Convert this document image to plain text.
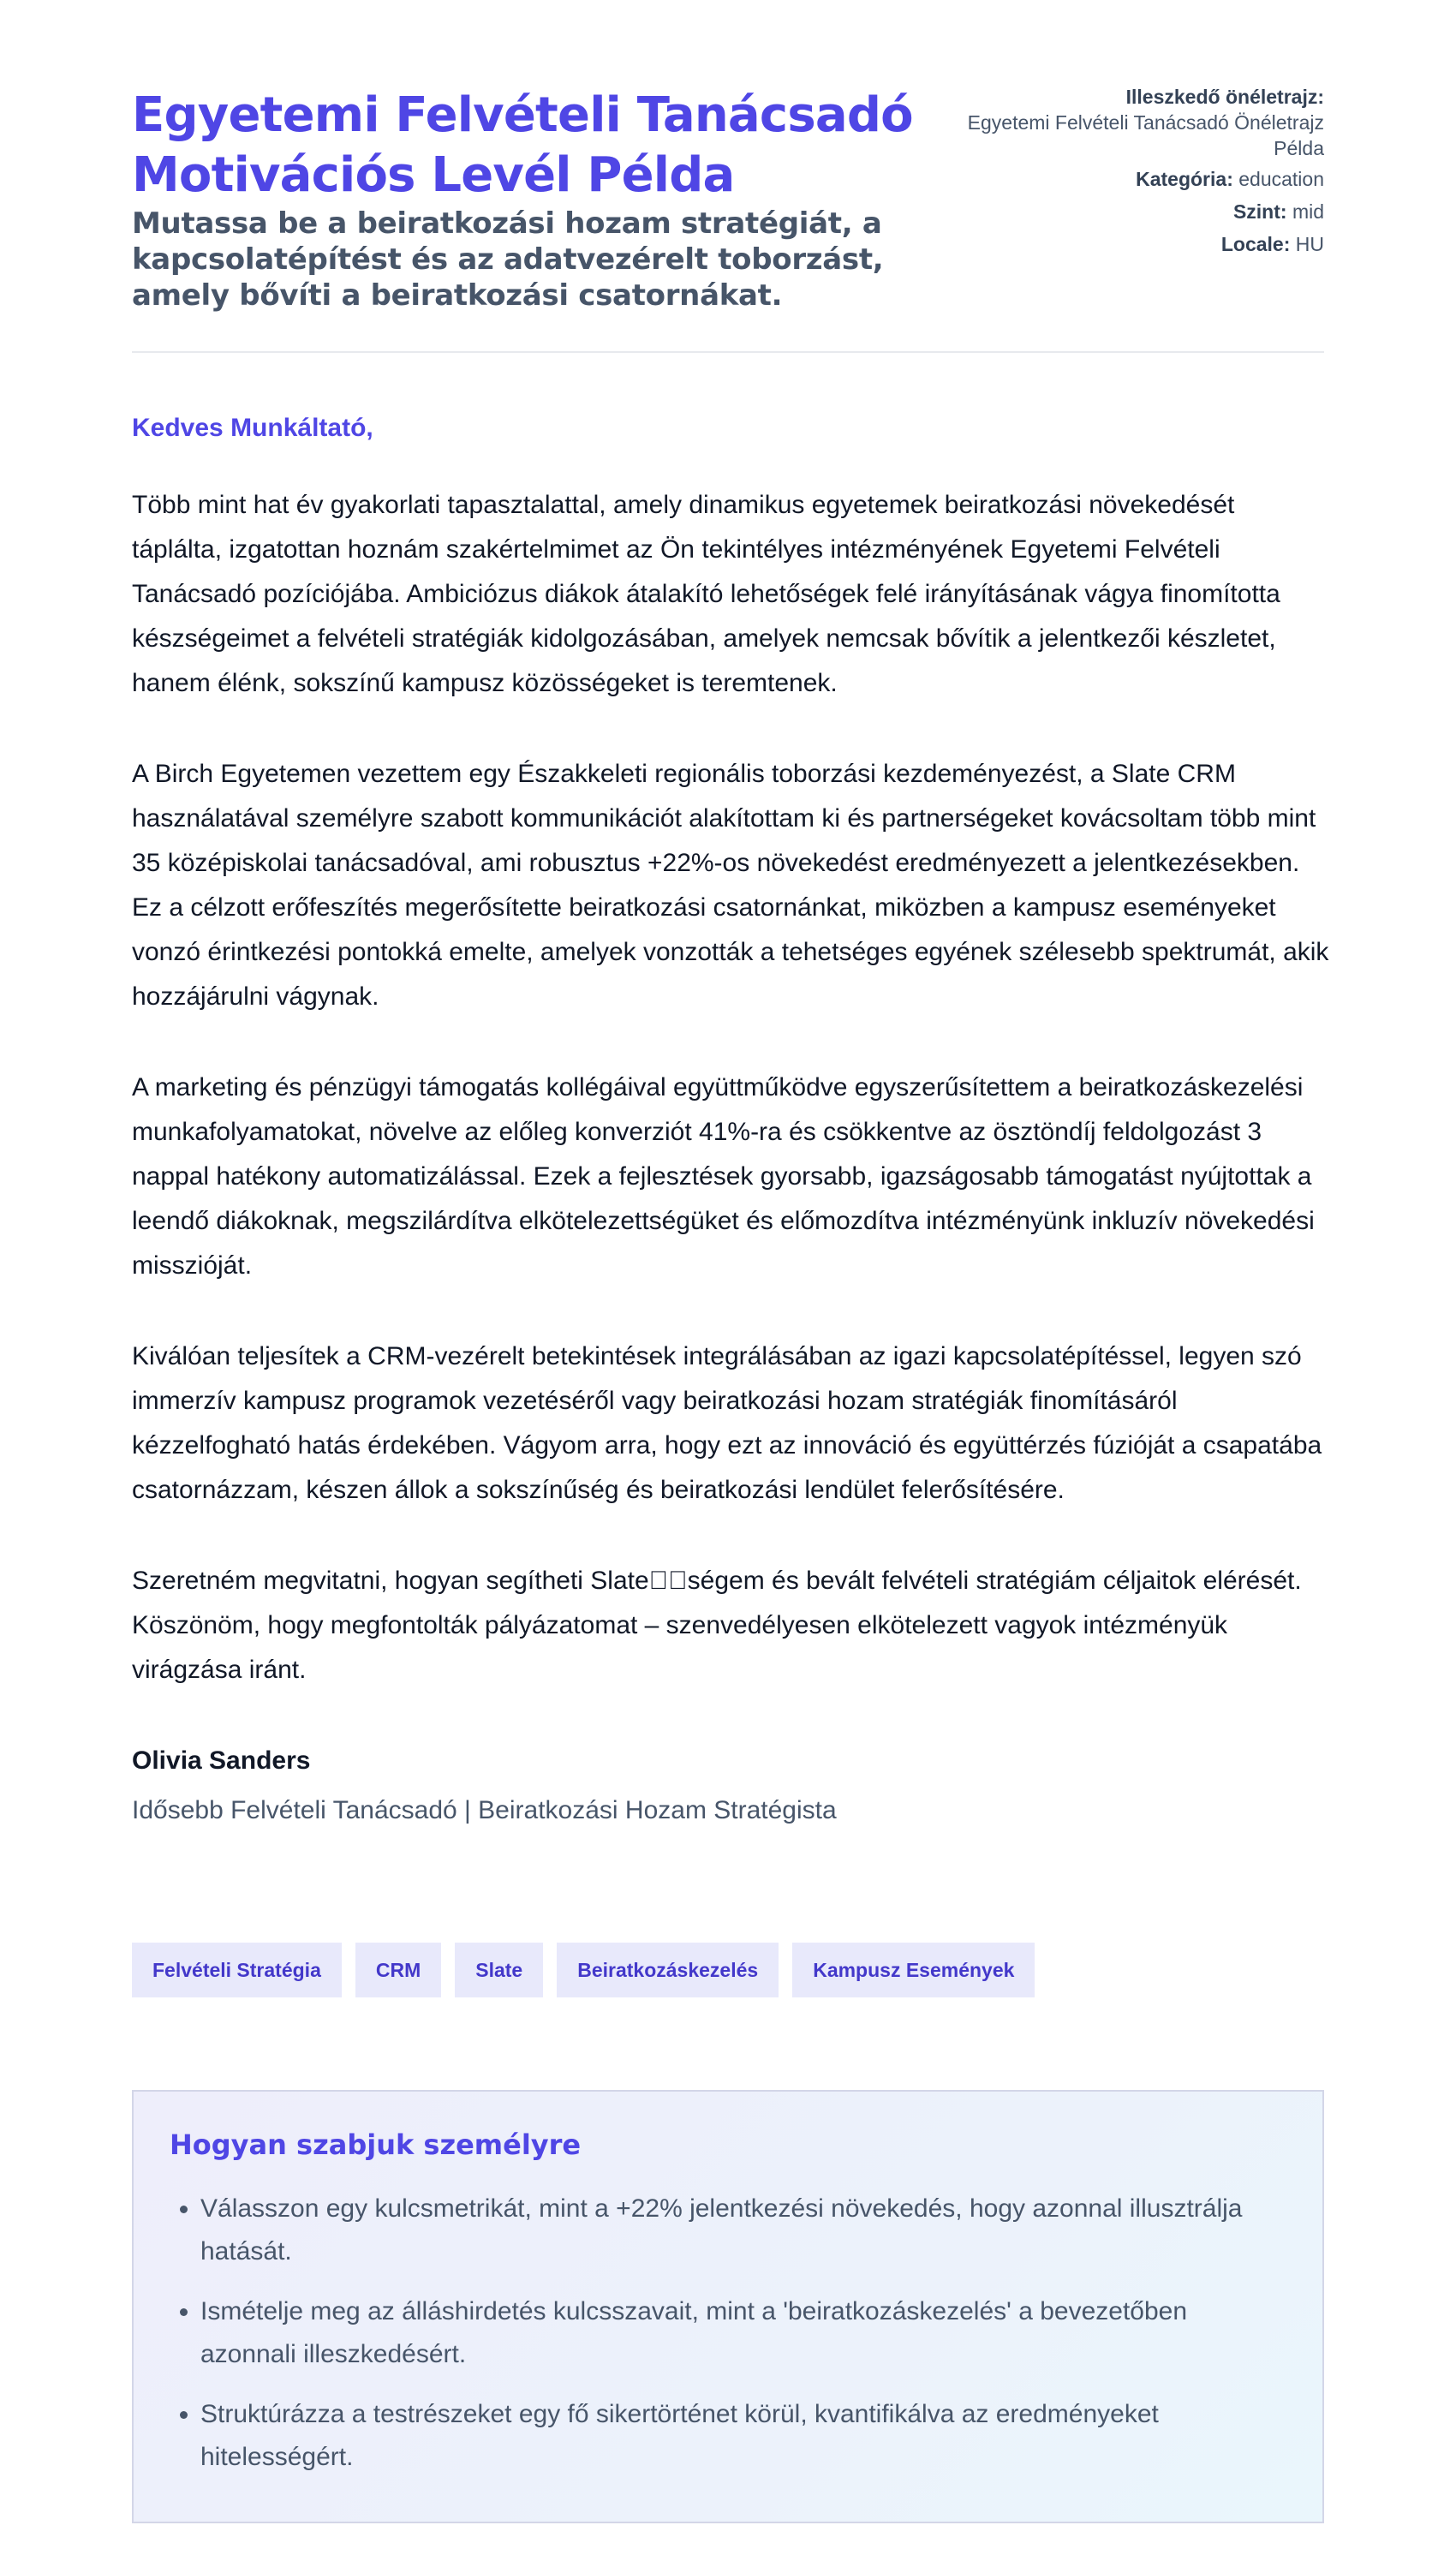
Egyetemi Felvételi Tanácsadó Motivációs Levél Példa

Mutassa be a beiratkozási hozam stratégiát, a kapcsolatépítést és az adatvezérelt toborzást, amely bővíti a beiratkozási csatornákat.

Illeszkedő önéletrajz:
Egyetemi Felvételi Tanácsadó Önéletrajz Példa
Kategória: education
Szint: mid
Locale: HU

Kedves Munkáltató,

Több mint hat év gyakorlati tapasztalattal, amely dinamikus egyetemek beiratkozási növekedését táplálta, izgatottan hoznám szakértelmimet az Ön tekintélyes intézményének Egyetemi Felvételi Tanácsadó pozíciójába. Ambiciózus diákok átalakító lehetőségek felé irányításának vágya finomította készségeimet a felvételi stratégiák kidolgozásában, amelyek nemcsak bővítik a jelentkezői készletet, hanem élénk, sokszínű kampusz közösségeket is teremtenek.

A Birch Egyetemen vezettem egy Északkeleti regionális toborzási kezdeményezést, a Slate CRM használatával személyre szabott kommunikációt alakítottam ki és partnerségeket kovácsoltam több mint 35 középiskolai tanácsadóval, ami robusztus +22%-os növekedést eredményezett a jelentkezésekben. Ez a célzott erőfeszítés megerősítette beiratkozási csatornánkat, miközben a kampusz eseményeket vonzó érintkezési pontokká emelte, amelyek vonzották a tehetséges egyének szélesebb spektrumát, akik hozzájárulni vágynak.

A marketing és pénzügyi támogatás kollégáival együttműködve egyszerűsítettem a beiratkozáskezelési munkafolyamatokat, növelve az előleg konverziót 41%-ra és csökkentve az ösztöndíj feldolgozást 3 nappal hatékony automatizálással. Ezek a fejlesztések gyorsabb, igazságosabb támogatást nyújtottak a leendő diákoknak, megszilárdítva elkötelezettségüket és előmozdítva intézményünk inkluzív növekedési misszióját.

Kiválóan teljesítek a CRM-vezérelt betekintések integrálásában az igazi kapcsolatépítéssel, legyen szó immerzív kampusz programok vezetéséről vagy beiratkozási hozam stratégiák finomításáról kézzelfogható hatás érdekében. Vágyom arra, hogy ezt az innováció és együttérzés fúzióját a csapatába csatornázzam, készen állok a sokszínűség és beiratkozási lendület felerősítésére.

Szeretném megvitatni, hogyan segítheti Slate􏰀􏰀ségem és bevált felvételi stratégiám céljaitok elérését. Köszönöm, hogy megfontolták pályázatomat – szenvedélyesen elkötelezett vagyok intézményük virágzása iránt.

Olivia Sanders

Idősebb Felvételi Tanácsadó | Beiratkozási Hozam Stratégista

Felvételi Stratégia	CRM	Slate	Beiratkozáskezelés	Kampusz Események
Hogyan szabjuk személyre
• Válasszon egy kulcsmetrikát, mint a +22% jelentkezési növekedés, hogy azonnal illusztrálja hatását.
• Ismételje meg az álláshirdetés kulcsszavait, mint a 'beiratkozáskezelés' a bevezetőben azonnali illeszkedésért.
• Struktúrázza a testrészeket egy fő sikertörténet körül, kvantifikálva az eredményeket hitelességért.
